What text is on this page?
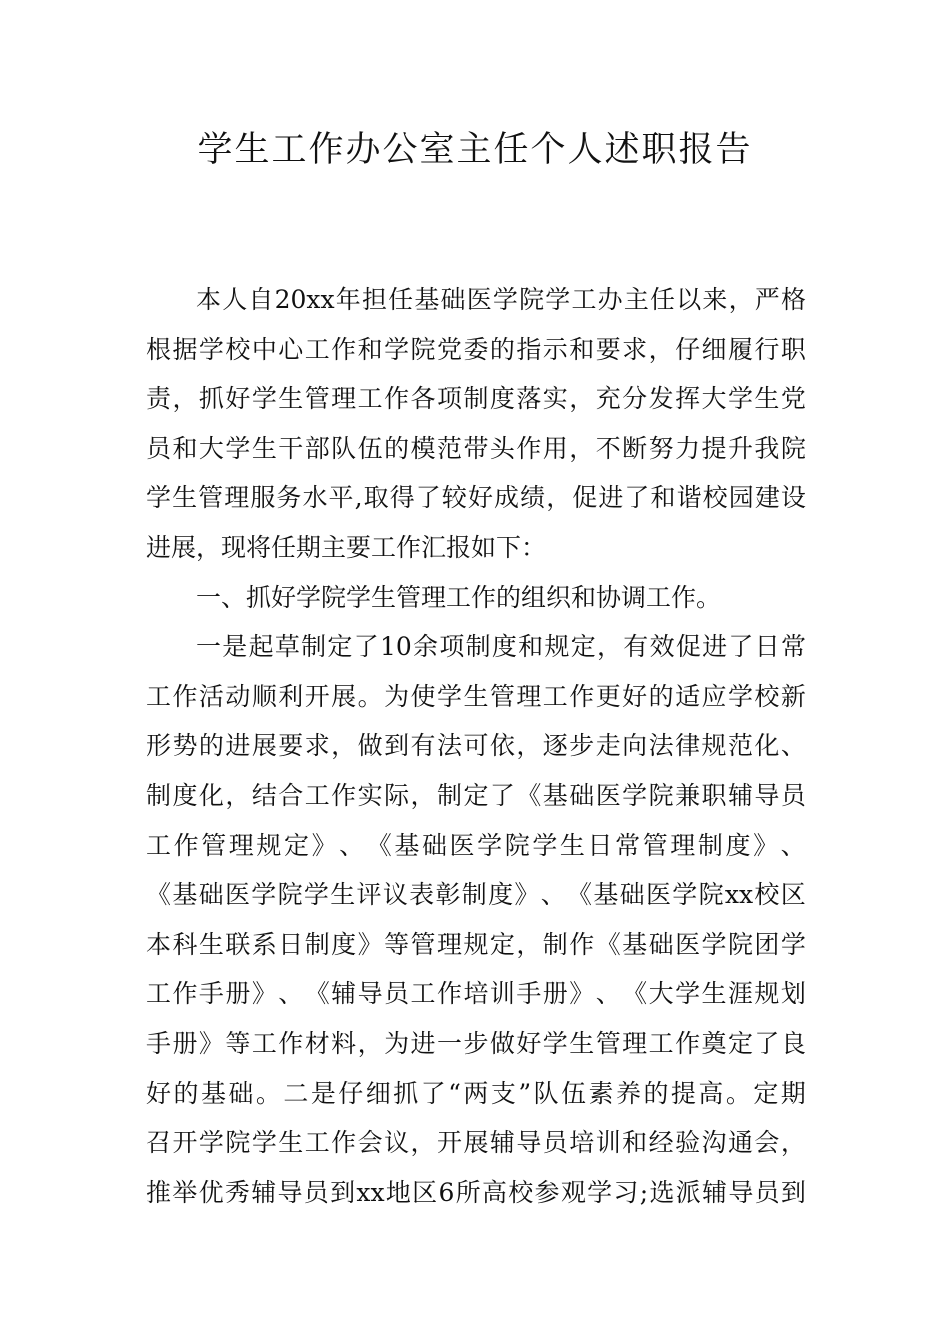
学生工作办公室主任个人述职报告
本 人 自 20xx 年 担 任 基 础 医 学 院 学 工 办 主 任 以 来 ， 严 格
根 据 学 校 中 心 工 作 和 学 院 党 委 的 指 示 和 要 求 ， 仔 细 履 行 职
责 ， 抓 好 学 生 管 理 工 作 各 项 制 度 落 实 ， 充 分 发 挥 大 学 生 党
员 和 大 学 生 干 部 队 伍 的 模 范 带 头 作 用 ， 不 断 努 力 提 升 我 院
学 生 管 理 服 务 水 平 , 取 得 了 较 好 成 绩 ， 促 进 了 和 谐 校 园 建 设
进展，现将任期主要工作汇报如下：
一、抓好学院学生管理工作的组织和协调工作。
一 是 起 草 制 定 了 10 余 项 制 度 和 规 定 ， 有 效 促 进 了 日 常
工 作 活 动 顺 利 开 展 。 为 使 学 生 管 理 工 作 更 好 的 适 应 学 校 新
形 势 的 进 展 要 求 ， 做 到 有 法 可 依 ， 逐 步 走 向 法 律 规 范 化 、
制 度 化 ， 结 合 工 作 实 际 ， 制 定 了 《 基 础 医 学 院 兼 职 辅 导 员
工 作 管 理 规 定 》 、 《 基 础 医 学 院 学 生 日 常 管 理 制 度 》 、
《 基 础 医 学 院 学 生 评 议 表 彰 制 度 》 、 《 基 础 医 学 院 xx 校 区
本 科 生 联 系 日 制 度 》 等 管 理 规 定 ， 制 作 《 基 础 医 学 院 团 学
工 作 手 册 》 、 《 辅 导 员 工 作 培 训 手 册 》 、 《 大 学 生 涯 规 划
手 册 》 等 工 作 材 料 ， 为 进 一 步 做 好 学 生 管 理 工 作 奠 定 了 良
好 的 基 础 。 二 是 仔 细 抓 了 “ 两 支 ” 队 伍 素 养 的 提 高 。 定 期
召 开 学 院 学 生 工 作 会 议 ， 开 展 辅 导 员 培 训 和 经 验 沟 通 会 ，
推 举 优 秀 辅 导 员 到 xx 地 区 6 所 高 校 参 观 学 习 ; 选 派 辅 导 员 到
